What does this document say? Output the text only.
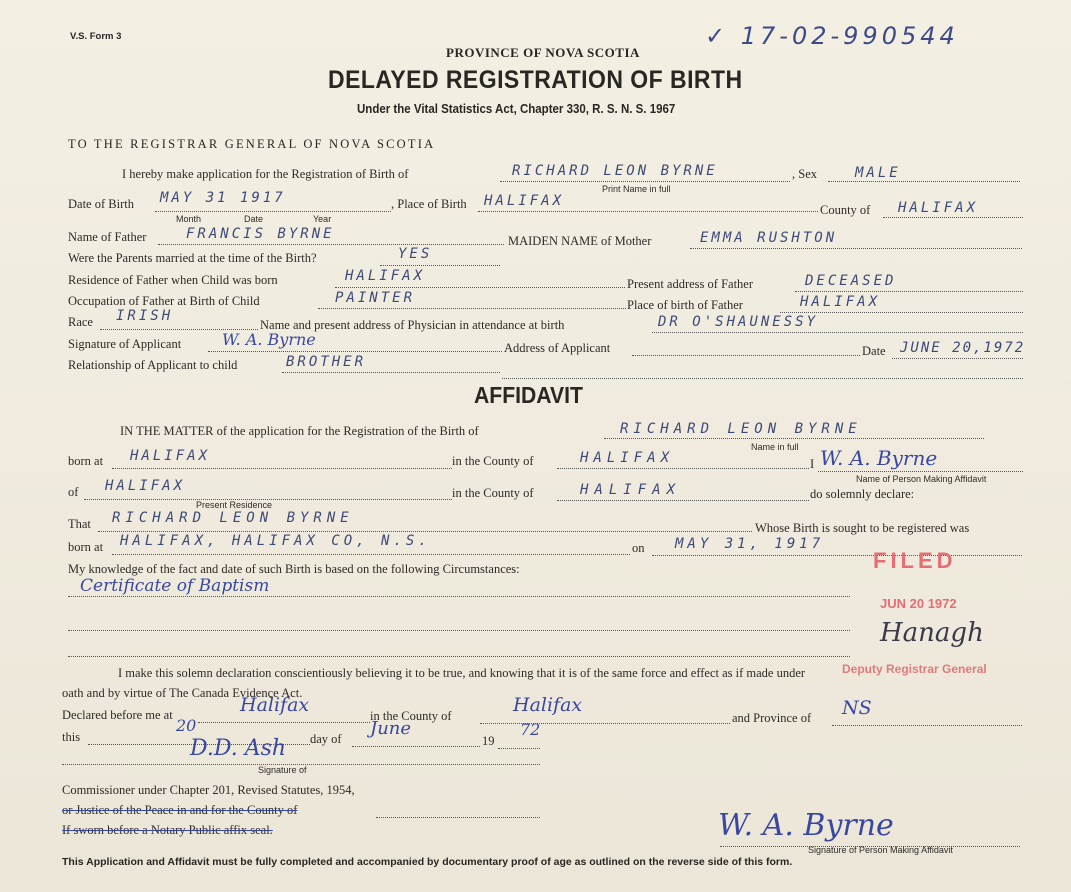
V.S. Form 3
PROVINCE OF NOVA SCOTIA
DELAYED REGISTRATION OF BIRTH
Under the Vital Statistics Act, Chapter 330, R. S. N. S. 1967
✓ 17-02-990544
TO THE REGISTRAR GENERAL OF NOVA SCOTIA
I hereby make application for the Registration of Birth of	RICHARD LEON BYRNE
Print Name in full
, Sex	MALE
Date of Birth MAY 31 1917
Month	Date	Year
, Place of Birth HALIFAX
County of HALIFAX
Name of Father	FRANCIS BYRNE	MAIDEN NAME of Mother	EMMA RUSHTON
Were the Parents married at the time of the Birth?	YES
Residence of Father when Child was born	HALIFAX	Present address of Father	DECEASED
Occupation of Father at Birth of Child	PAINTER	Place of birth of Father	HALIFAX
Race IRISH
Name and present address of Physician in attendance at birth	DR O'SHAUNESSY
Signature of Applicant	W. A. Byrne	Address of Applicant	Date JUNE 20,1972
Relationship of Applicant to child	BROTHER
AFFIDAVIT
IN THE MATTER of the application for the Registration of the Birth of	RICHARD LEON BYRNE
Name in full
born at HALIFAX	in the County of	HALIFAX	I W. A. Byrne
Name of Person Making Affidavit
of HALIFAX
Present Residence
in the County of	HALIFAX	do solemnly declare:
That RICHARD LEON BYRNE
Whose Birth is sought to be registered was
born at HALIFAX, HALIFAX CO, N.S.	on MAY 31, 1917
My knowledge of the fact and date of such Birth is based on the following Circumstances:
Certificate of Baptism
I make this solemn declaration conscientiously believing it to be true, and knowing that it is of the same force and effect as if made under
oath and by virtue of The Canada Evidence Act.
Declared before me at	Halifax	in the County of	Halifax
and Province of NS
this
20
day of June
19
72
D.D. Ash
Signature of
Commissioner under Chapter 201, Revised Statutes, 1954,
or Justice of the Peace in and for the County of
If sworn before a Notary Public affix seal.	W. A. Byrne
Signature of Person Making Affidavit
FILED
JUN 20 1972
Hanagh
Deputy Registrar General
This Application and Affidavit must be fully completed and accompanied by documentary proof of age as outlined on the reverse side of this form.
